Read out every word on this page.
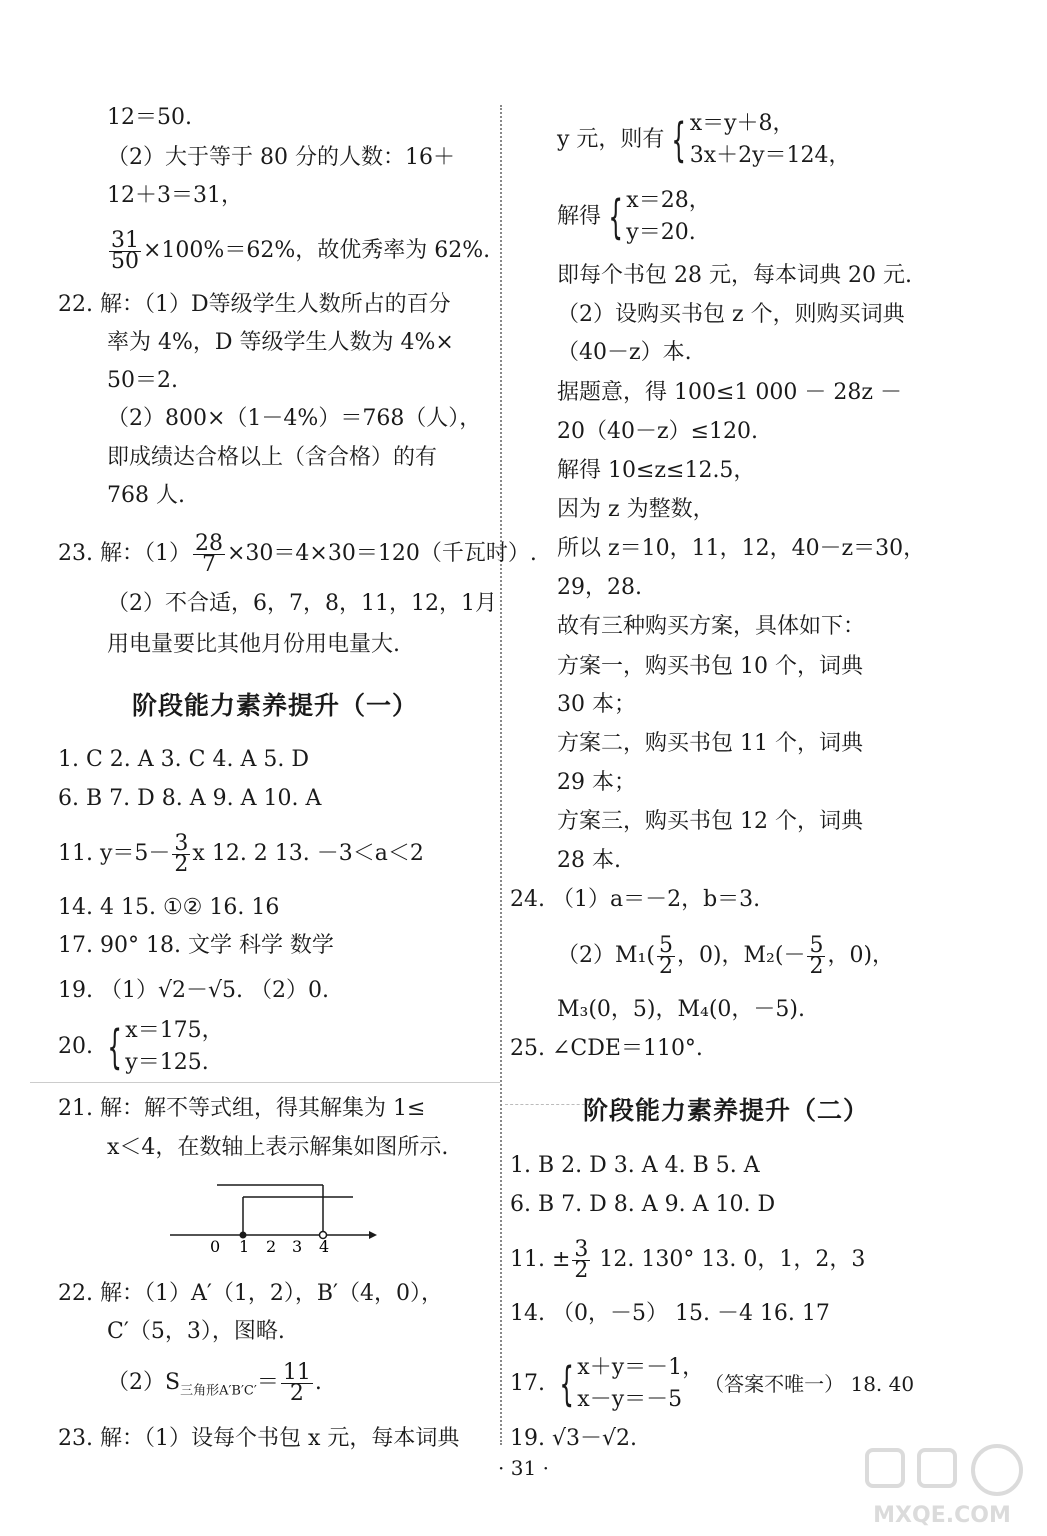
12＝50.
（2）大于等于 80 分的人数：16＋
12＋3＝31，
$\frac{31}{50} \times 100\%=62\%$，故优秀率为 62%.
22. 解：（1）D等级学生人数所占的百分
率为 4%，D 等级学生人数为 4%×
50＝2.
（2）800×（1－4%）＝768（人），
即成绩达合格以上（含合格）的有
768 人.
23. 解：$(1) \frac{28}{7} \times 30=4\times 30=120$（千瓦时）.
（2）不合适，6，7，8，11，12，1月
用电量要比其他月份用电量大.
阶段能力素养提升（一）
1. C 2. A 3. C 4. A 5. D
6. B 7. D 8. A 9. A 10. A
11. $y=5- \frac{3}{2}$ x 12. 2 13. －3＜a＜2
14. 4 15. ①② 16. 16
17. 90° 18. 文学 科学 数学
19. （1）√2－√5. （2）0.
20. { x＝175，
y＝125.
21. 解：解不等式组，得其解集为 1≤
x＜4，在数轴上表示解集如图所示.
0 1 2 3 4
22. 解：（1）A′（1，2），B′（4，0），
C′（5，3），图略.
$(2)S_{三角形A'B'C'}= \frac{11}{2}$ .
23. 解：（1）设每个书包 x 元，每本词典
y 元，则有 { x＝y＋8，
3x＋2y＝124，
解得 { x＝28，
y＝20.
即每个书包 28 元，每本词典 20 元.
（2）设购买书包 z 个，则购买词典
（40－z）本.
据题意，得 100≤1 000 － 28z －
20（40－z）≤120.
解得 10≤z≤12.5，
因为 z 为整数，
所以 z＝10，11，12，40－z＝30，
29，28.
故有三种购买方案，具体如下：
方案一，购买书包 10 个，词典
30 本；
方案二，购买书包 11 个，词典
29 本；
方案三，购买书包 12 个，词典
28 本.
24. （1）a＝－2，b＝3.
$(2)M_1( \frac{5}{2}$ ，0)，$M_2(- \frac{5}{2}$ ，0)，
M₃(0，5)，M₄(0，－5).
25. ∠CDE＝110°.
阶段能力素养提升（二）
1. B 2. D 3. A 4. B 5. A
6. B 7. D 8. A 9. A 10. D
11. ± $\frac{3}{2} 12$. 130° 13. 0，1，2，3
14. （0，－5） 15. －4 16. 17
17. { x＋y＝－1，
x－y＝－5
（答案不唯一） 18. 40
19. √3－√2.
· 31 ·
MXQE.COM
